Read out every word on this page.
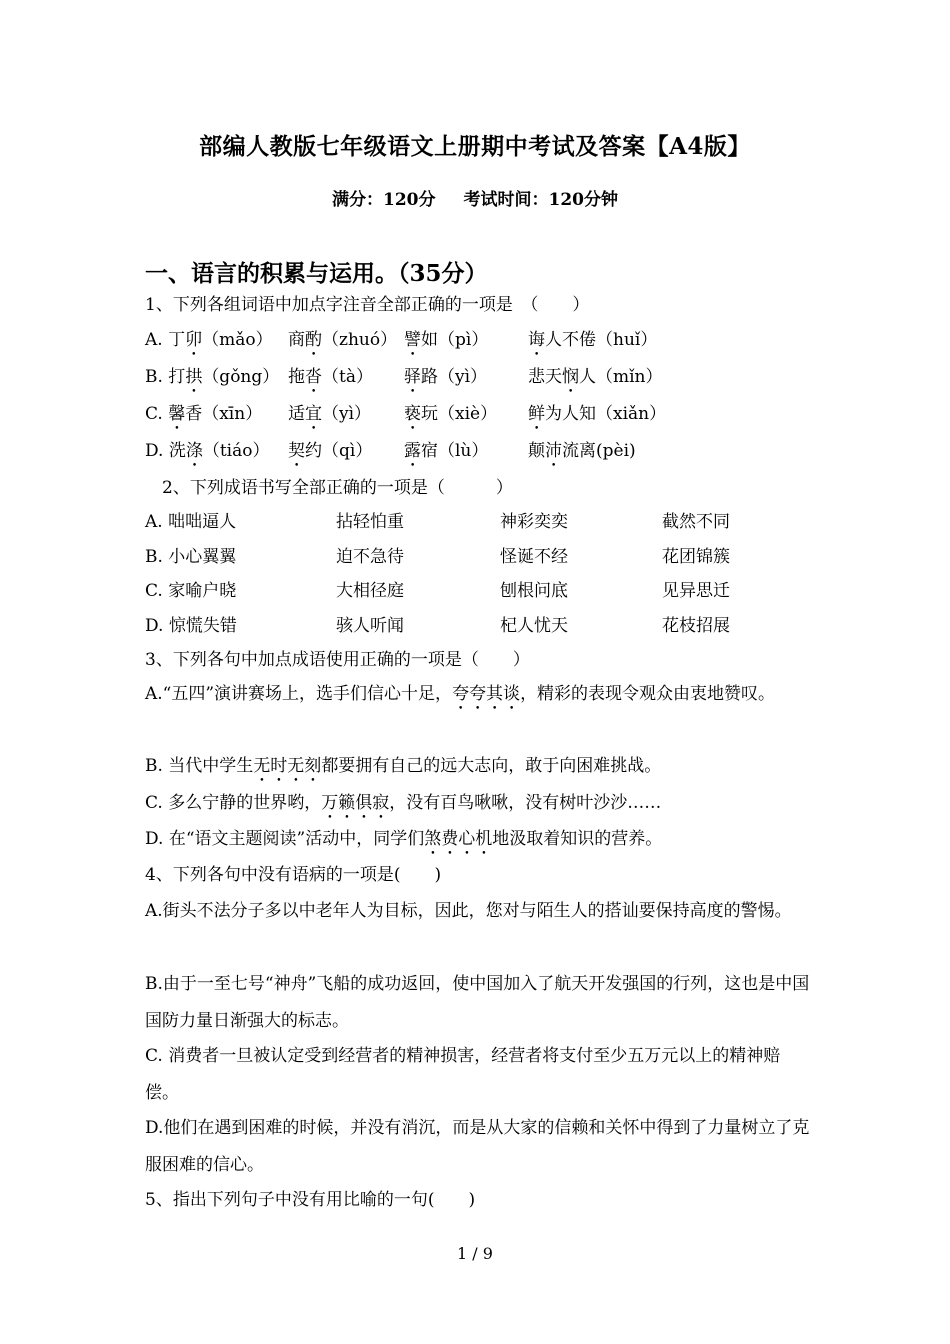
部编人教版七年级语文上册期中考试及答案【A4版】
满分：120分 考试时间：120分钟
一、语言的积累与运用。（35分）
1、下列各组词语中加点字注音全部正确的一项是　（　　）
A. 丁卯（mǎo） 商酌（zhuó） 譬如（pì） 诲人不倦（huǐ）
B. 打拱（gǒng） 拖沓（tà） 驿路（yì） 悲天悯人（mǐn）
C. 馨香（xīn） 适宜（yì） 亵玩（xiè） 鲜为人知（xiǎn）
D. 洗涤（tiáo） 契约（qì） 露宿（lù） 颠沛流离(pèi)
2、下列成语书写全部正确的一项是（　　　）
A. 咄咄逼人	拈轻怕重	神彩奕奕	截然不同
B. 小心翼翼	迫不急待	怪诞不经	花团锦簇
C. 家喻户晓	大相径庭	刨根问底	见异思迁
D. 惊慌失错	骇人听闻	杞人忧天	花枝招展
3、下列各句中加点成语使用正确的一项是（　　）
A.“五四”演讲赛场上，选手们信心十足，夸夸其谈，精彩的表现令观众由衷地赞叹。
B. 当代中学生无时无刻都要拥有自己的远大志向，敢于向困难挑战。
C. 多么宁静的世界哟，万籁俱寂，没有百鸟啾啾，没有树叶沙沙……
D. 在“语文主题阅读”活动中，同学们煞费心机地汲取着知识的营养。
4、下列各句中没有语病的一项是(　　)
A.街头不法分子多以中老年人为目标，因此，您对与陌生人的搭讪要保持高度的警惕。
B.由于一至七号“神舟”飞船的成功返回，使中国加入了航天开发强国的行列，这也是中国国防力量日渐强大的标志。
C. 消费者一旦被认定受到经营者的精神损害，经营者将支付至少五万元以上的精神赔偿。
D.他们在遇到困难的时候，并没有消沉，而是从大家的信赖和关怀中得到了力量树立了克服困难的信心。
5、指出下列句子中没有用比喻的一句(　　)
1 / 9
